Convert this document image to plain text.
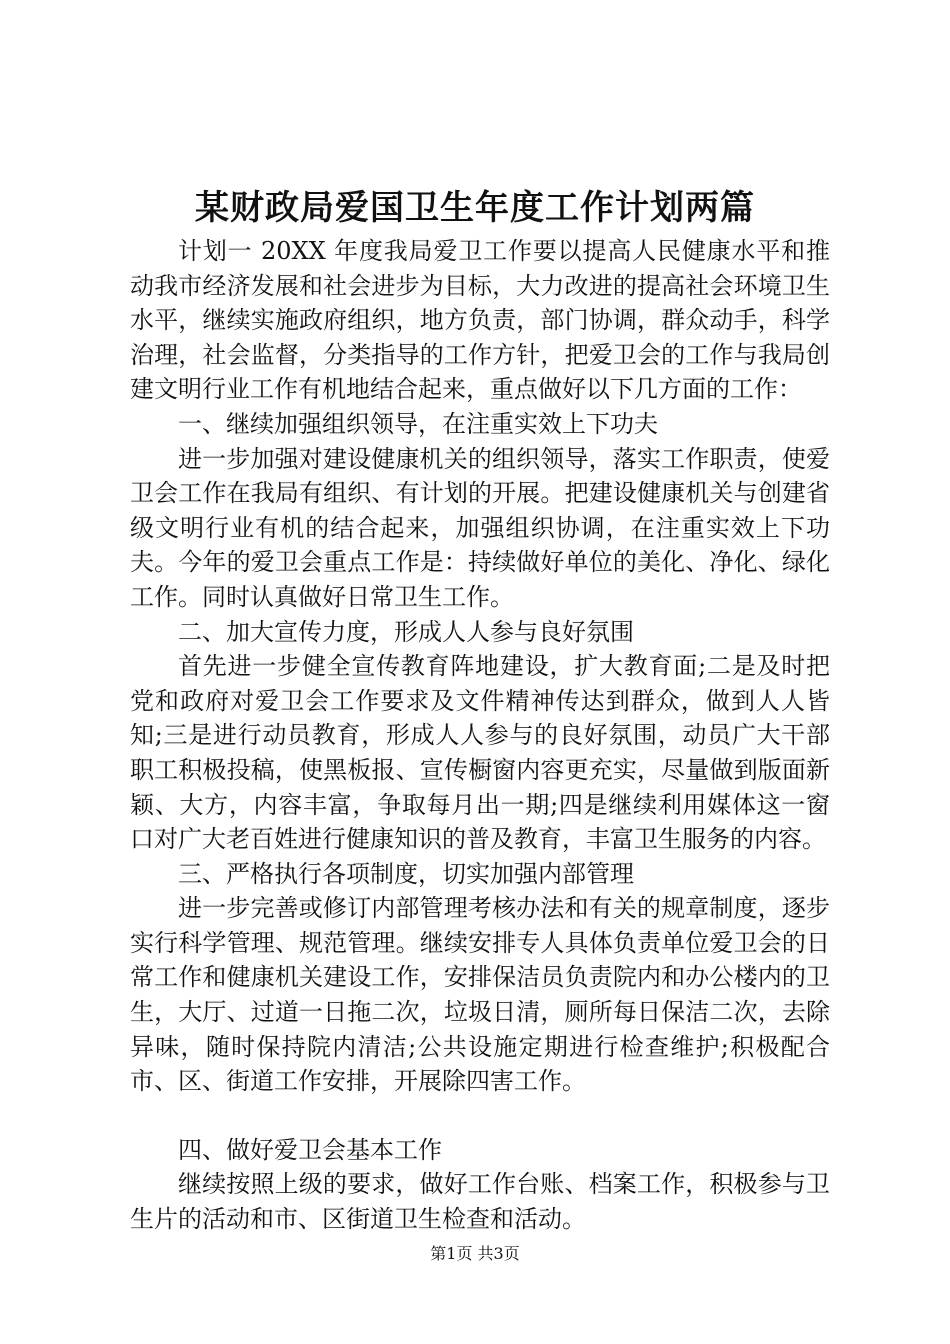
某财政局爱国卫生年度工作计划两篇

计划一 20XX 年度我局爱卫工作要以提高人民健康水平和推动我市经济发展和社会进步为目标，大力改进的提高社会环境卫生水平，继续实施政府组织，地方负责，部门协调，群众动手，科学治理，社会监督，分类指导的工作方针，把爱卫会的工作与我局创建文明行业工作有机地结合起来，重点做好以下几方面的工作：

一、继续加强组织领导，在注重实效上下功夫

进一步加强对建设健康机关的组织领导，落实工作职责，使爱卫会工作在我局有组织、有计划的开展。把建设健康机关与创建省级文明行业有机的结合起来，加强组织协调，在注重实效上下功夫。今年的爱卫会重点工作是：持续做好单位的美化、净化、绿化工作。同时认真做好日常卫生工作。

二、加大宣传力度，形成人人参与良好氛围

首先进一步健全宣传教育阵地建设，扩大教育面;二是及时把党和政府对爱卫会工作要求及文件精神传达到群众，做到人人皆知;三是进行动员教育，形成人人参与的良好氛围，动员广大干部职工积极投稿，使黑板报、宣传橱窗内容更充实，尽量做到版面新颖、大方，内容丰富，争取每月出一期;四是继续利用媒体这一窗口对广大老百姓进行健康知识的普及教育，丰富卫生服务的内容。

三、严格执行各项制度，切实加强内部管理

进一步完善或修订内部管理考核办法和有关的规章制度，逐步实行科学管理、规范管理。继续安排专人具体负责单位爱卫会的日常工作和健康机关建设工作，安排保洁员负责院内和办公楼内的卫生，大厅、过道一日拖二次，垃圾日清，厕所每日保洁二次，去除异味，随时保持院内清洁;公共设施定期进行检查维护;积极配合市、区、街道工作安排，开展除四害工作。

四、做好爱卫会基本工作

继续按照上级的要求，做好工作台账、档案工作，积极参与卫生片的活动和市、区街道卫生检查和活动。

第1页 共3页
